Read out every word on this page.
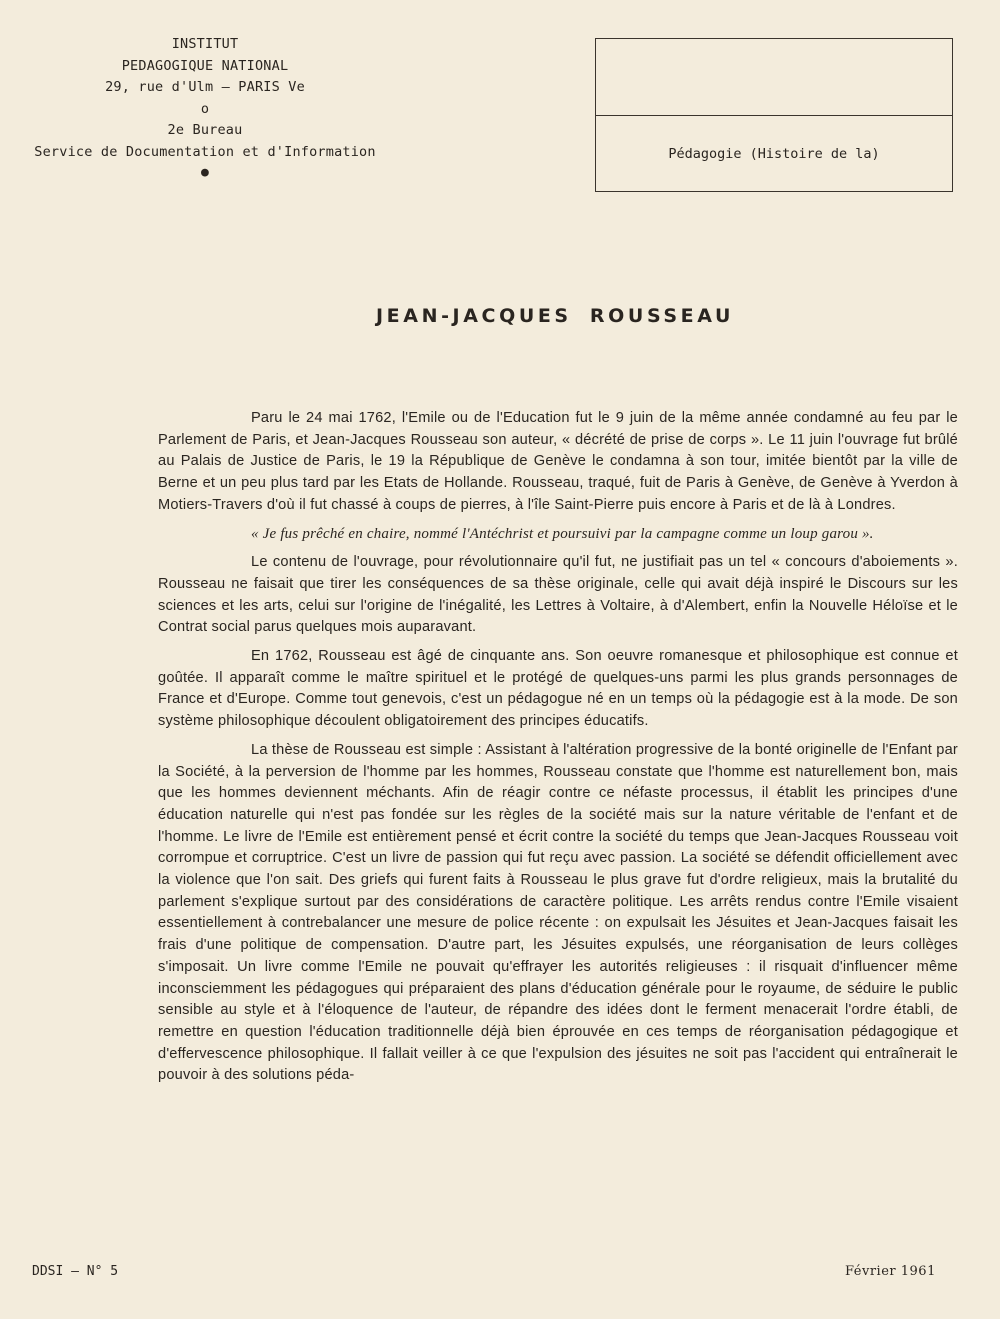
INSTITUT
PEDAGOGIQUE NATIONAL
29, rue d'Ulm – PARIS Ve
o
2e Bureau
Service de Documentation et d'Information
●
Pédagogie (Histoire de la)
JEAN-JACQUES ROUSSEAU

Paru le 24 mai 1762, l'Emile ou de l'Education fut le 9 juin de la même année condamné au feu par le Parlement de Paris, et Jean-Jacques Rousseau son auteur, « décrété de prise de corps ». Le 11 juin l'ouvrage fut brûlé au Palais de Justice de Paris, le 19 la République de Genève le condamna à son tour, imitée bientôt par la ville de Berne et un peu plus tard par les Etats de Hollande. Rousseau, traqué, fuit de Paris à Genève, de Genève à Yverdon à Motiers-Travers d'où il fut chassé à coups de pierres, à l'île Saint-Pierre puis encore à Paris et de là à Londres.

« Je fus prêché en chaire, nommé l'Antéchrist et poursuivi par la campagne comme un loup garou ».

Le contenu de l'ouvrage, pour révolutionnaire qu'il fut, ne justifiait pas un tel « concours d'aboiements ». Rousseau ne faisait que tirer les conséquences de sa thèse originale, celle qui avait déjà inspiré le Discours sur les sciences et les arts, celui sur l'origine de l'inégalité, les Lettres à Voltaire, à d'Alembert, enfin la Nouvelle Héloïse et le Contrat social parus quelques mois auparavant.

En 1762, Rousseau est âgé de cinquante ans. Son oeuvre romanesque et philosophique est connue et goûtée. Il apparaît comme le maître spirituel et le protégé de quelques-uns parmi les plus grands personnages de France et d'Europe. Comme tout genevois, c'est un pédagogue né en un temps où la pédagogie est à la mode. De son système philosophique découlent obligatoirement des principes éducatifs.

La thèse de Rousseau est simple : Assistant à l'altération progressive de la bonté originelle de l'Enfant par la Société, à la perversion de l'homme par les hommes, Rousseau constate que l'homme est naturellement bon, mais que les hommes deviennent méchants. Afin de réagir contre ce néfaste processus, il établit les principes d'une éducation naturelle qui n'est pas fondée sur les règles de la société mais sur la nature véritable de l'enfant et de l'homme. Le livre de l'Emile est entièrement pensé et écrit contre la société du temps que Jean-Jacques Rousseau voit corrompue et corruptrice. C'est un livre de passion qui fut reçu avec passion. La société se défendit officiellement avec la violence que l'on sait. Des griefs qui furent faits à Rousseau le plus grave fut d'ordre religieux, mais la brutalité du parlement s'explique surtout par des considérations de caractère politique. Les arrêts rendus contre l'Emile visaient essentiellement à contrebalancer une mesure de police récente : on expulsait les Jésuites et Jean-Jacques faisait les frais d'une politique de compensation. D'autre part, les Jésuites expulsés, une réorganisation de leurs collèges s'imposait. Un livre comme l'Emile ne pouvait qu'effrayer les autorités religieuses : il risquait d'influencer même inconsciemment les pédagogues qui préparaient des plans d'éducation générale pour le royaume, de séduire le public sensible au style et à l'éloquence de l'auteur, de répandre des idées dont le ferment menacerait l'ordre établi, de remettre en question l'éducation traditionnelle déjà bien éprouvée en ces temps de réorganisation pédagogique et d'effervescence philosophique. Il fallait veiller à ce que l'expulsion des jésuites ne soit pas l'accident qui entraînerait le pouvoir à des solutions péda-

DDSI – N° 5	Février 1961
